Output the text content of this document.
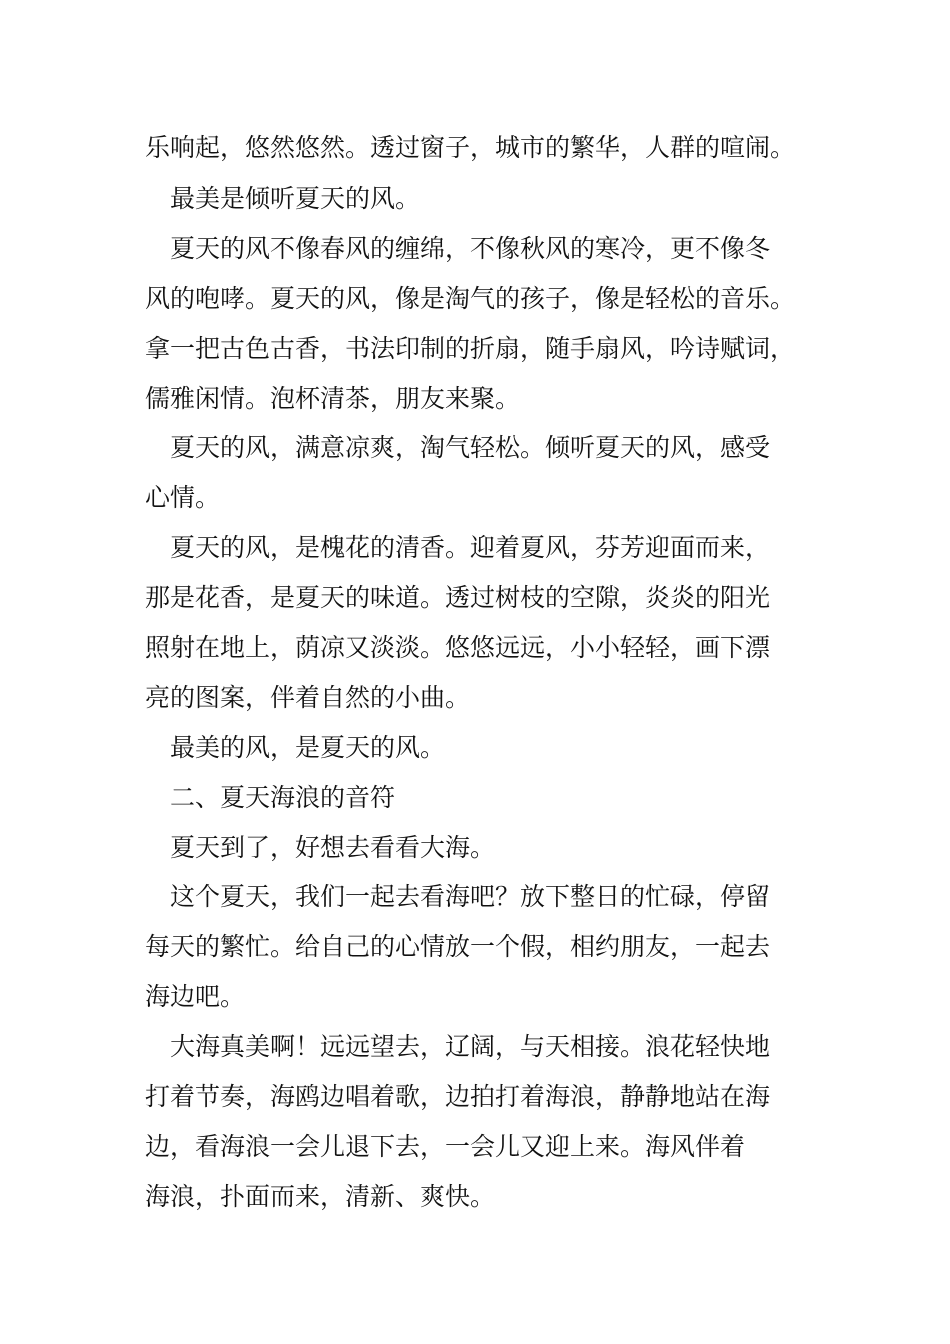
乐响起，悠然悠然。透过窗子，城市的繁华，人群的喧闹。

最美是倾听夏天的风。

夏天的风不像春风的缠绵，不像秋风的寒冷，更不像冬

风的咆哮。夏天的风，像是淘气的孩子，像是轻松的音乐。

拿一把古色古香，书法印制的折扇，随手扇风，吟诗赋词，

儒雅闲情。泡杯清茶，朋友来聚。

夏天的风，满意凉爽，淘气轻松。倾听夏天的风，感受

心情。

夏天的风，是槐花的清香。迎着夏风，芬芳迎面而来，

那是花香，是夏天的味道。透过树枝的空隙，炎炎的阳光

照射在地上，荫凉又淡淡。悠悠远远，小小轻轻，画下漂

亮的图案，伴着自然的小曲。

最美的风，是夏天的风。

二、夏天海浪的音符

夏天到了，好想去看看大海。

这个夏天，我们一起去看海吧？放下整日的忙碌，停留

每天的繁忙。给自己的心情放一个假，相约朋友，一起去

海边吧。

大海真美啊！远远望去，辽阔，与天相接。浪花轻快地

打着节奏，海鸥边唱着歌，边拍打着海浪，静静地站在海

边，看海浪一会儿退下去，一会儿又迎上来。海风伴着

海浪，扑面而来，清新、爽快。
